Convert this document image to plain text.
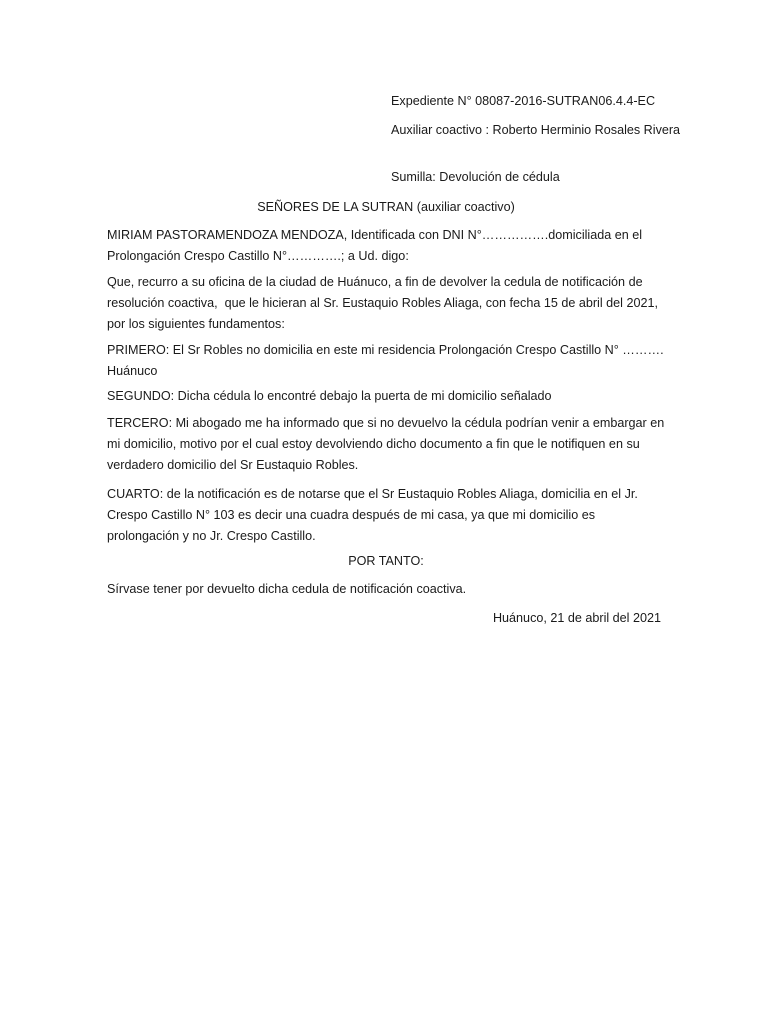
Expediente N° 08087-2016-SUTRAN06.4.4-EC

Auxiliar coactivo : Roberto Herminio Rosales Rivera

Sumilla: Devolución de cédula

SEÑORES DE LA SUTRAN (auxiliar coactivo)

MIRIAM PASTORAMENDOZA MENDOZA, Identificada con DNI N°…………….domiciliada en el Prolongación Crespo Castillo N°………….; a Ud. digo:

Que, recurro a su oficina de la ciudad de Huánuco, a fin de devolver la cedula de notificación de resolución coactiva,  que le hicieran al Sr. Eustaquio Robles Aliaga, con fecha 15 de abril del 2021, por los siguientes fundamentos:

PRIMERO: El Sr Robles no domicilia en este mi residencia Prolongación Crespo Castillo N° ………. Huánuco

SEGUNDO: Dicha cédula lo encontré debajo la puerta de mi domicilio señalado

TERCERO: Mi abogado me ha informado que si no devuelvo la cédula podrían venir a embargar en mi domicilio, motivo por el cual estoy devolviendo dicho documento a fin que le notifiquen en su verdadero domicilio del Sr Eustaquio Robles.

CUARTO: de la notificación es de notarse que el Sr Eustaquio Robles Aliaga, domicilia en el Jr. Crespo Castillo N° 103 es decir una cuadra después de mi casa, ya que mi domicilio es prolongación y no Jr. Crespo Castillo.

POR TANTO:

Sírvase tener por devuelto dicha cedula de notificación coactiva.

Huánuco, 21 de abril del 2021
